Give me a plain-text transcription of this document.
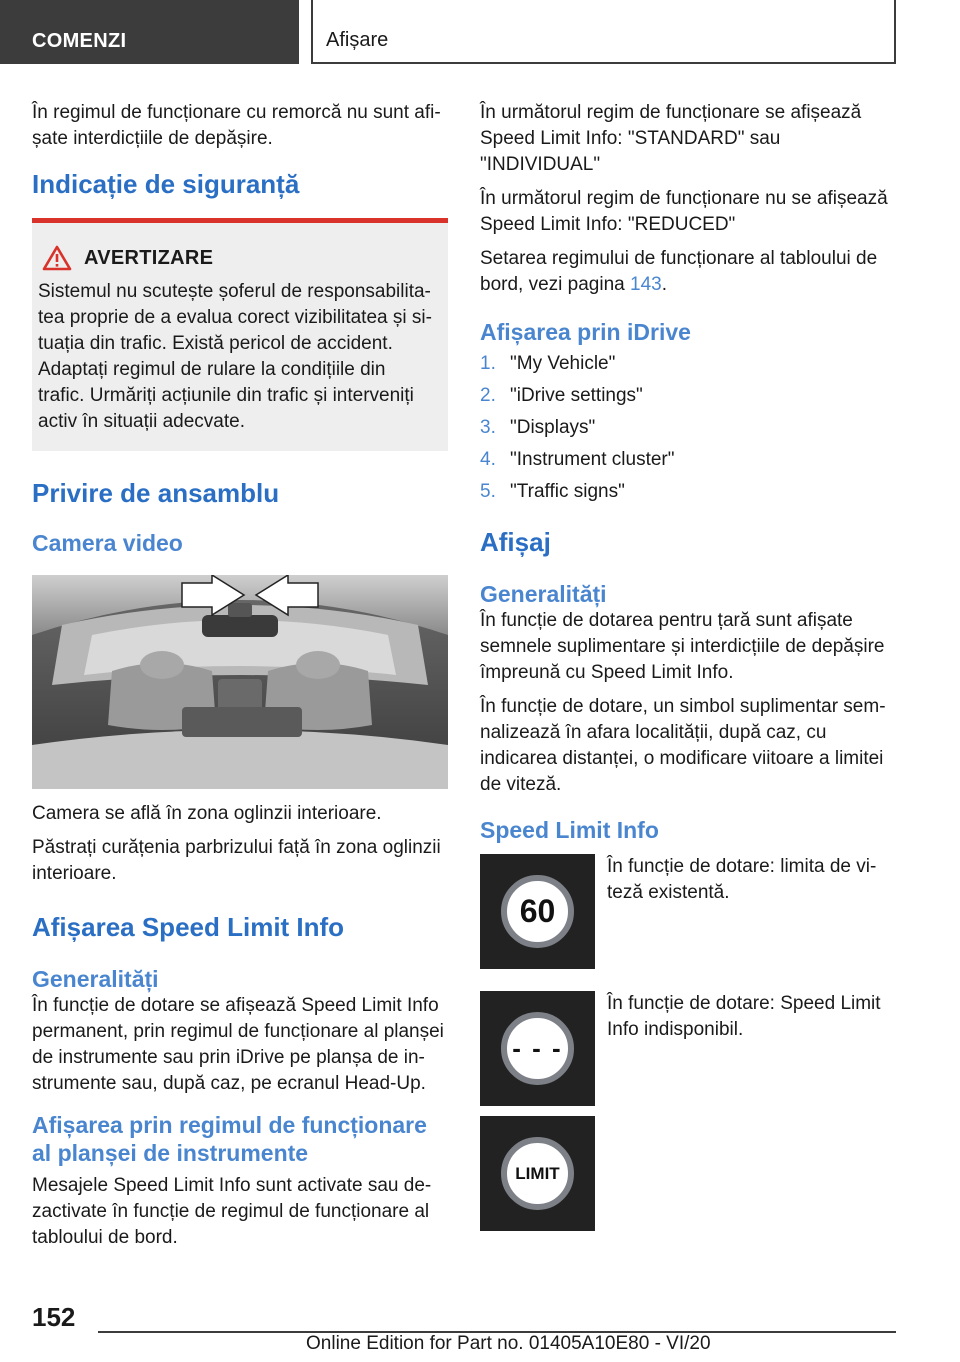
COMENZI	Afișare

În regimul de funcționare cu remorcă nu sunt afi‐ șate interdicțiile de depășire.

Indicație de siguranță
AVERTIZARE

Sistemul nu scutește șoferul de responsabilita‐ tea proprie de a evalua corect vizibilitatea și si‐ tuația din trafic. Există pericol de accident. Adaptați regimul de rulare la condițiile din trafic. Urmăriți acțiunile din trafic și interveniți activ în situații adecvate.

Privire de ansamblu
Camera video

Camera se află în zona oglinzii interioare.

Păstrați curățenia parbrizului față în zona oglinzii interioare.

Afișarea Speed Limit Info
Generalități

În funcție de dotare se afișează Speed Limit Info permanent, prin regimul de funcționare al planșei de instrumente sau prin iDrive pe planșa de in‐ strumente sau, după caz, pe ecranul Head-Up.

Afișarea prin regimul de funcționare al planșei de instrumente

Mesajele Speed Limit Info sunt activate sau de‐ zactivate în funcție de regimul de funcționare al tabloului de bord.

În următorul regim de funcționare se afișează Speed Limit Info: "STANDARD" sau "INDIVIDUAL"

În următorul regim de funcționare nu se afișează Speed Limit Info: "REDUCED"

Setarea regimului de funcționare al tabloului de bord, vezi pagina 143.

Afișarea prin iDrive
1. "My Vehicle"
2. "iDrive settings"
3. "Displays"
4. "Instrument cluster"
5. "Traffic signs"
Afișaj
Generalități

În funcție de dotarea pentru țară sunt afișate semnele suplimentare și interdicțiile de depășire împreună cu Speed Limit Info.

În funcție de dotare, un simbol suplimentar sem‐ nalizează în afara localității, după caz, cu indicarea distanței, o modificare viitoare a limitei de viteză.

Speed Limit Info
60

În funcție de dotare: limita de vi‐ teză existentă.

- - -

În funcție de dotare: Speed Limit Info indisponibil.

LIMIT
152
Online Edition for Part no. 01405A10E80 - VI/20
